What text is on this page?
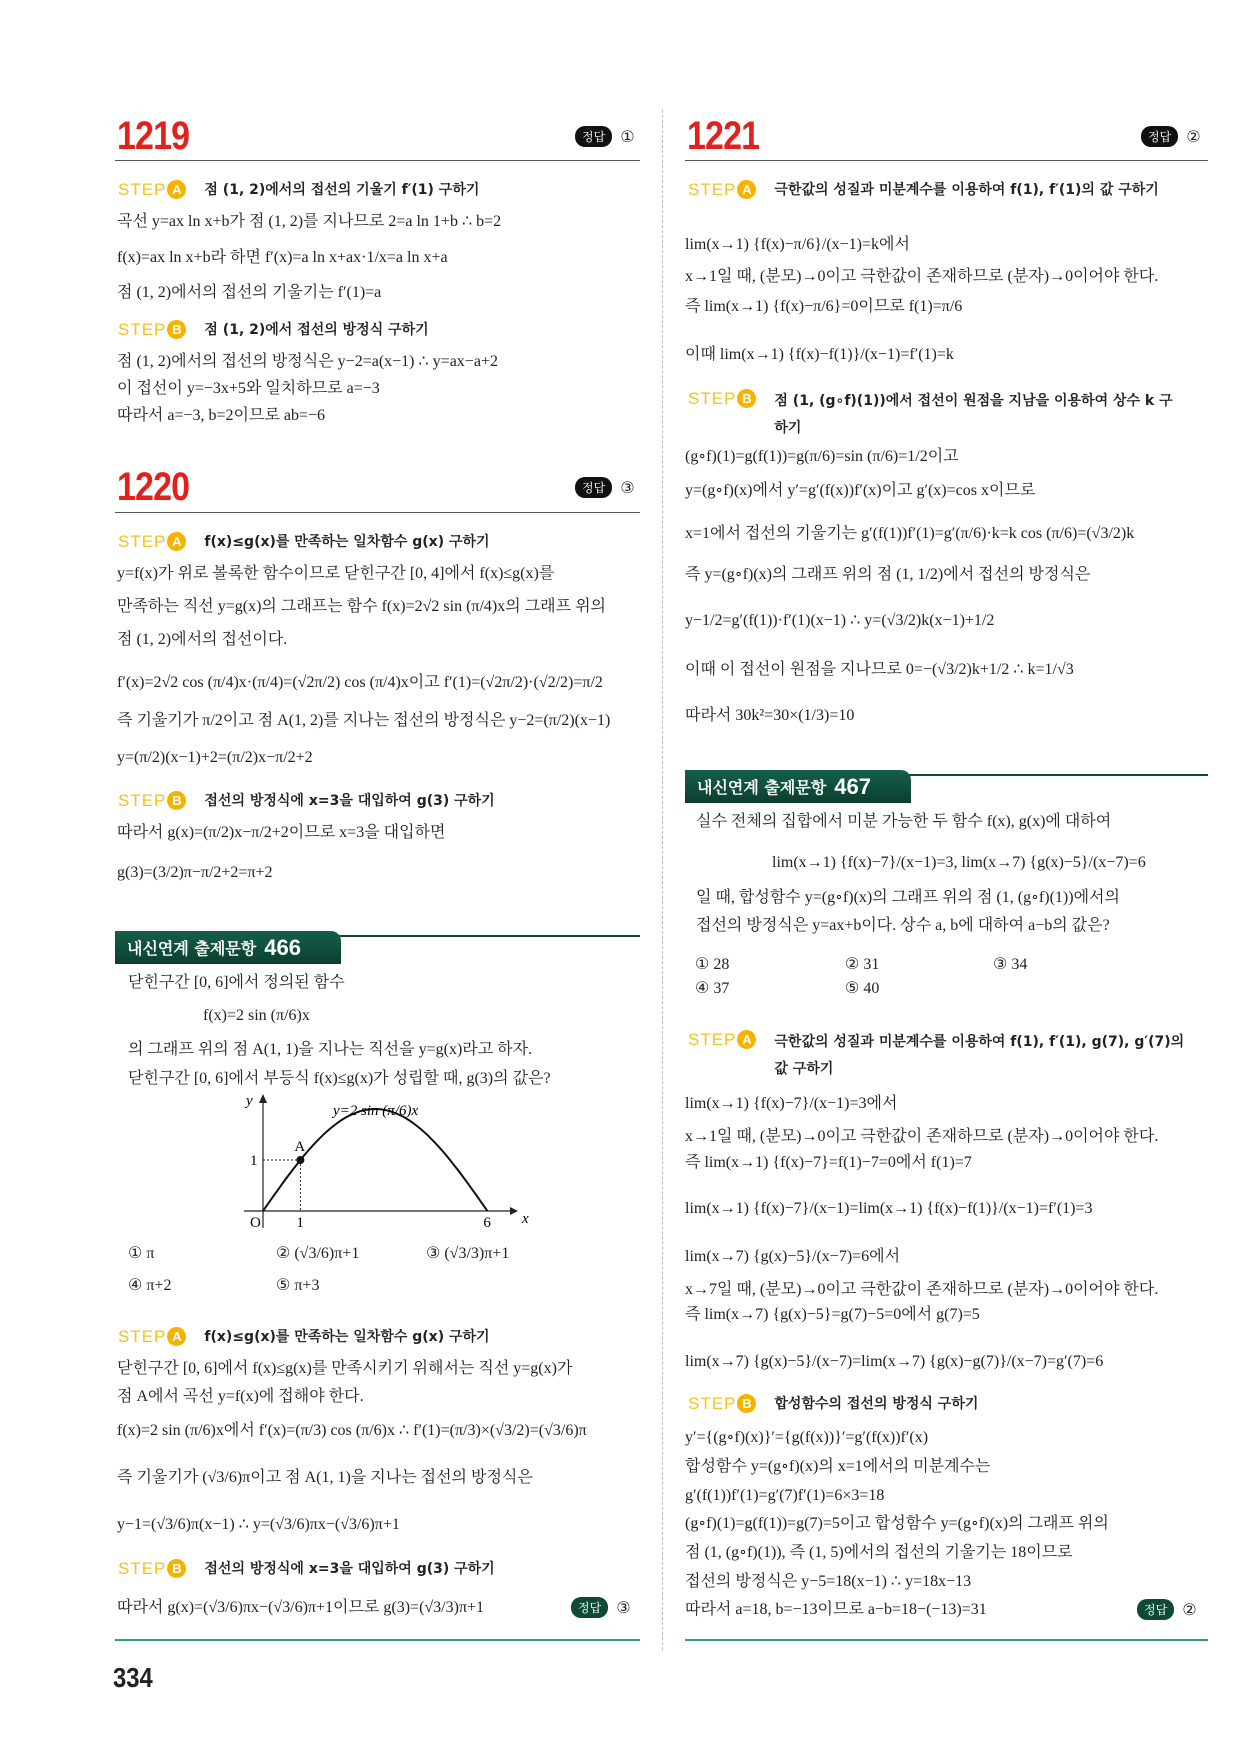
1219	정답 ①
STEP A	점 (1, 2)에서의 접선의 기울기 f′(1) 구하기
곡선 y=ax ln x+b가 점 (1, 2)를 지나므로 2=a ln 1+b ∴ b=2
f(x)=ax ln x+b라 하면 f′(x)=a ln x+ax·1/x=a ln x+a
점 (1, 2)에서의 접선의 기울기는 f′(1)=a
STEP B	점 (1, 2)에서 접선의 방정식 구하기
점 (1, 2)에서의 접선의 방정식은 y−2=a(x−1) ∴ y=ax−a+2
이 접선이 y=−3x+5와 일치하므로 a=−3
따라서 a=−3, b=2이므로 ab=−6
1220	정답 ③
STEP A	f(x)≤g(x)를 만족하는 일차함수 g(x) 구하기
y=f(x)가 위로 볼록한 함수이므로 닫힌구간 [0, 4]에서 f(x)≤g(x)를
만족하는 직선 y=g(x)의 그래프는 함수 f(x)=2√2 sin (π/4)x의 그래프 위의
점 (1, 2)에서의 접선이다.
f′(x)=2√2 cos (π/4)x·(π/4)=(√2π/2) cos (π/4)x이고 f′(1)=(√2π/2)·(√2/2)=π/2
즉 기울기가 π/2이고 점 A(1, 2)를 지나는 접선의 방정식은 y−2=(π/2)(x−1)
y=(π/2)(x−1)+2=(π/2)x−π/2+2
STEP B	접선의 방정식에 x=3을 대입하여 g(3) 구하기
따라서 g(x)=(π/2)x−π/2+2이므로 x=3을 대입하면
g(3)=(3/2)π−π/2+2=π+2
내신연계 출제문항 466
닫힌구간 [0, 6]에서 정의된 함수
f(x)=2 sin (π/6)x
의 그래프 위의 점 A(1, 1)을 지나는 직선을 y=g(x)라고 하자.
닫힌구간 [0, 6]에서 부등식 f(x)≤g(x)가 성립할 때, g(3)의 값은?
y
x
O 1	6
1
A
y=2 sin (π/6)x
① π	② (√3/6)π+1	③ (√3/3)π+1
④ π+2	⑤ π+3
STEP A	f(x)≤g(x)를 만족하는 일차함수 g(x) 구하기
닫힌구간 [0, 6]에서 f(x)≤g(x)를 만족시키기 위해서는 직선 y=g(x)가
점 A에서 곡선 y=f(x)에 접해야 한다.
f(x)=2 sin (π/6)x에서 f′(x)=(π/3) cos (π/6)x ∴ f′(1)=(π/3)×(√3/2)=(√3/6)π
즉 기울기가 (√3/6)π이고 점 A(1, 1)을 지나는 접선의 방정식은
y−1=(√3/6)π(x−1) ∴ y=(√3/6)πx−(√3/6)π+1
STEP B	접선의 방정식에 x=3을 대입하여 g(3) 구하기
따라서 g(x)=(√3/6)πx−(√3/6)π+1이므로 g(3)=(√3/3)π+1	정답 ③
334
1221	정답 ②
STEP A	극한값의 성질과 미분계수를 이용하여 f(1), f′(1)의 값 구하기
lim(x→1) {f(x)−π/6}/(x−1)=k에서
x→1일 때, (분모)→0이고 극한값이 존재하므로 (분자)→0이어야 한다.
즉 lim(x→1) {f(x)−π/6}=0이므로 f(1)=π/6
이때 lim(x→1) {f(x)−f(1)}/(x−1)=f′(1)=k
STEP B	점 (1, (g∘f)(1))에서 접선이 원점을 지남을 이용하여 상수 k 구하기
(g∘f)(1)=g(f(1))=g(π/6)=sin (π/6)=1/2이고
y=(g∘f)(x)에서 y′=g′(f(x))f′(x)이고 g′(x)=cos x이므로
x=1에서 접선의 기울기는 g′(f(1))f′(1)=g′(π/6)·k=k cos (π/6)=(√3/2)k
즉 y=(g∘f)(x)의 그래프 위의 점 (1, 1/2)에서 접선의 방정식은
y−1/2=g′(f(1))·f′(1)(x−1) ∴ y=(√3/2)k(x−1)+1/2
이때 이 접선이 원점을 지나므로 0=−(√3/2)k+1/2 ∴ k=1/√3
따라서 30k²=30×(1/3)=10
내신연계 출제문항 467
실수 전체의 집합에서 미분 가능한 두 함수 f(x), g(x)에 대하여
lim(x→1) {f(x)−7}/(x−1)=3, lim(x→7) {g(x)−5}/(x−7)=6
일 때, 합성함수 y=(g∘f)(x)의 그래프 위의 점 (1, (g∘f)(1))에서의
접선의 방정식은 y=ax+b이다. 상수 a, b에 대하여 a−b의 값은?
① 28	② 31	③ 34
④ 37	⑤ 40
STEP A	극한값의 성질과 미분계수를 이용하여 f(1), f′(1), g(7), g′(7)의 값 구하기
lim(x→1) {f(x)−7}/(x−1)=3에서
x→1일 때, (분모)→0이고 극한값이 존재하므로 (분자)→0이어야 한다.
즉 lim(x→1) {f(x)−7}=f(1)−7=0에서 f(1)=7
lim(x→1) {f(x)−7}/(x−1)=lim(x→1) {f(x)−f(1)}/(x−1)=f′(1)=3
lim(x→7) {g(x)−5}/(x−7)=6에서
x→7일 때, (분모)→0이고 극한값이 존재하므로 (분자)→0이어야 한다.
즉 lim(x→7) {g(x)−5}=g(7)−5=0에서 g(7)=5
lim(x→7) {g(x)−5}/(x−7)=lim(x→7) {g(x)−g(7)}/(x−7)=g′(7)=6
STEP B	합성함수의 접선의 방정식 구하기
y′={(g∘f)(x)}′={g(f(x))}′=g′(f(x))f′(x)
합성함수 y=(g∘f)(x)의 x=1에서의 미분계수는
g′(f(1))f′(1)=g′(7)f′(1)=6×3=18
(g∘f)(1)=g(f(1))=g(7)=5이고 합성함수 y=(g∘f)(x)의 그래프 위의
점 (1, (g∘f)(1)), 즉 (1, 5)에서의 접선의 기울기는 18이므로
접선의 방정식은 y−5=18(x−1) ∴ y=18x−13
따라서 a=18, b=−13이므로 a−b=18−(−13)=31	정답 ②
